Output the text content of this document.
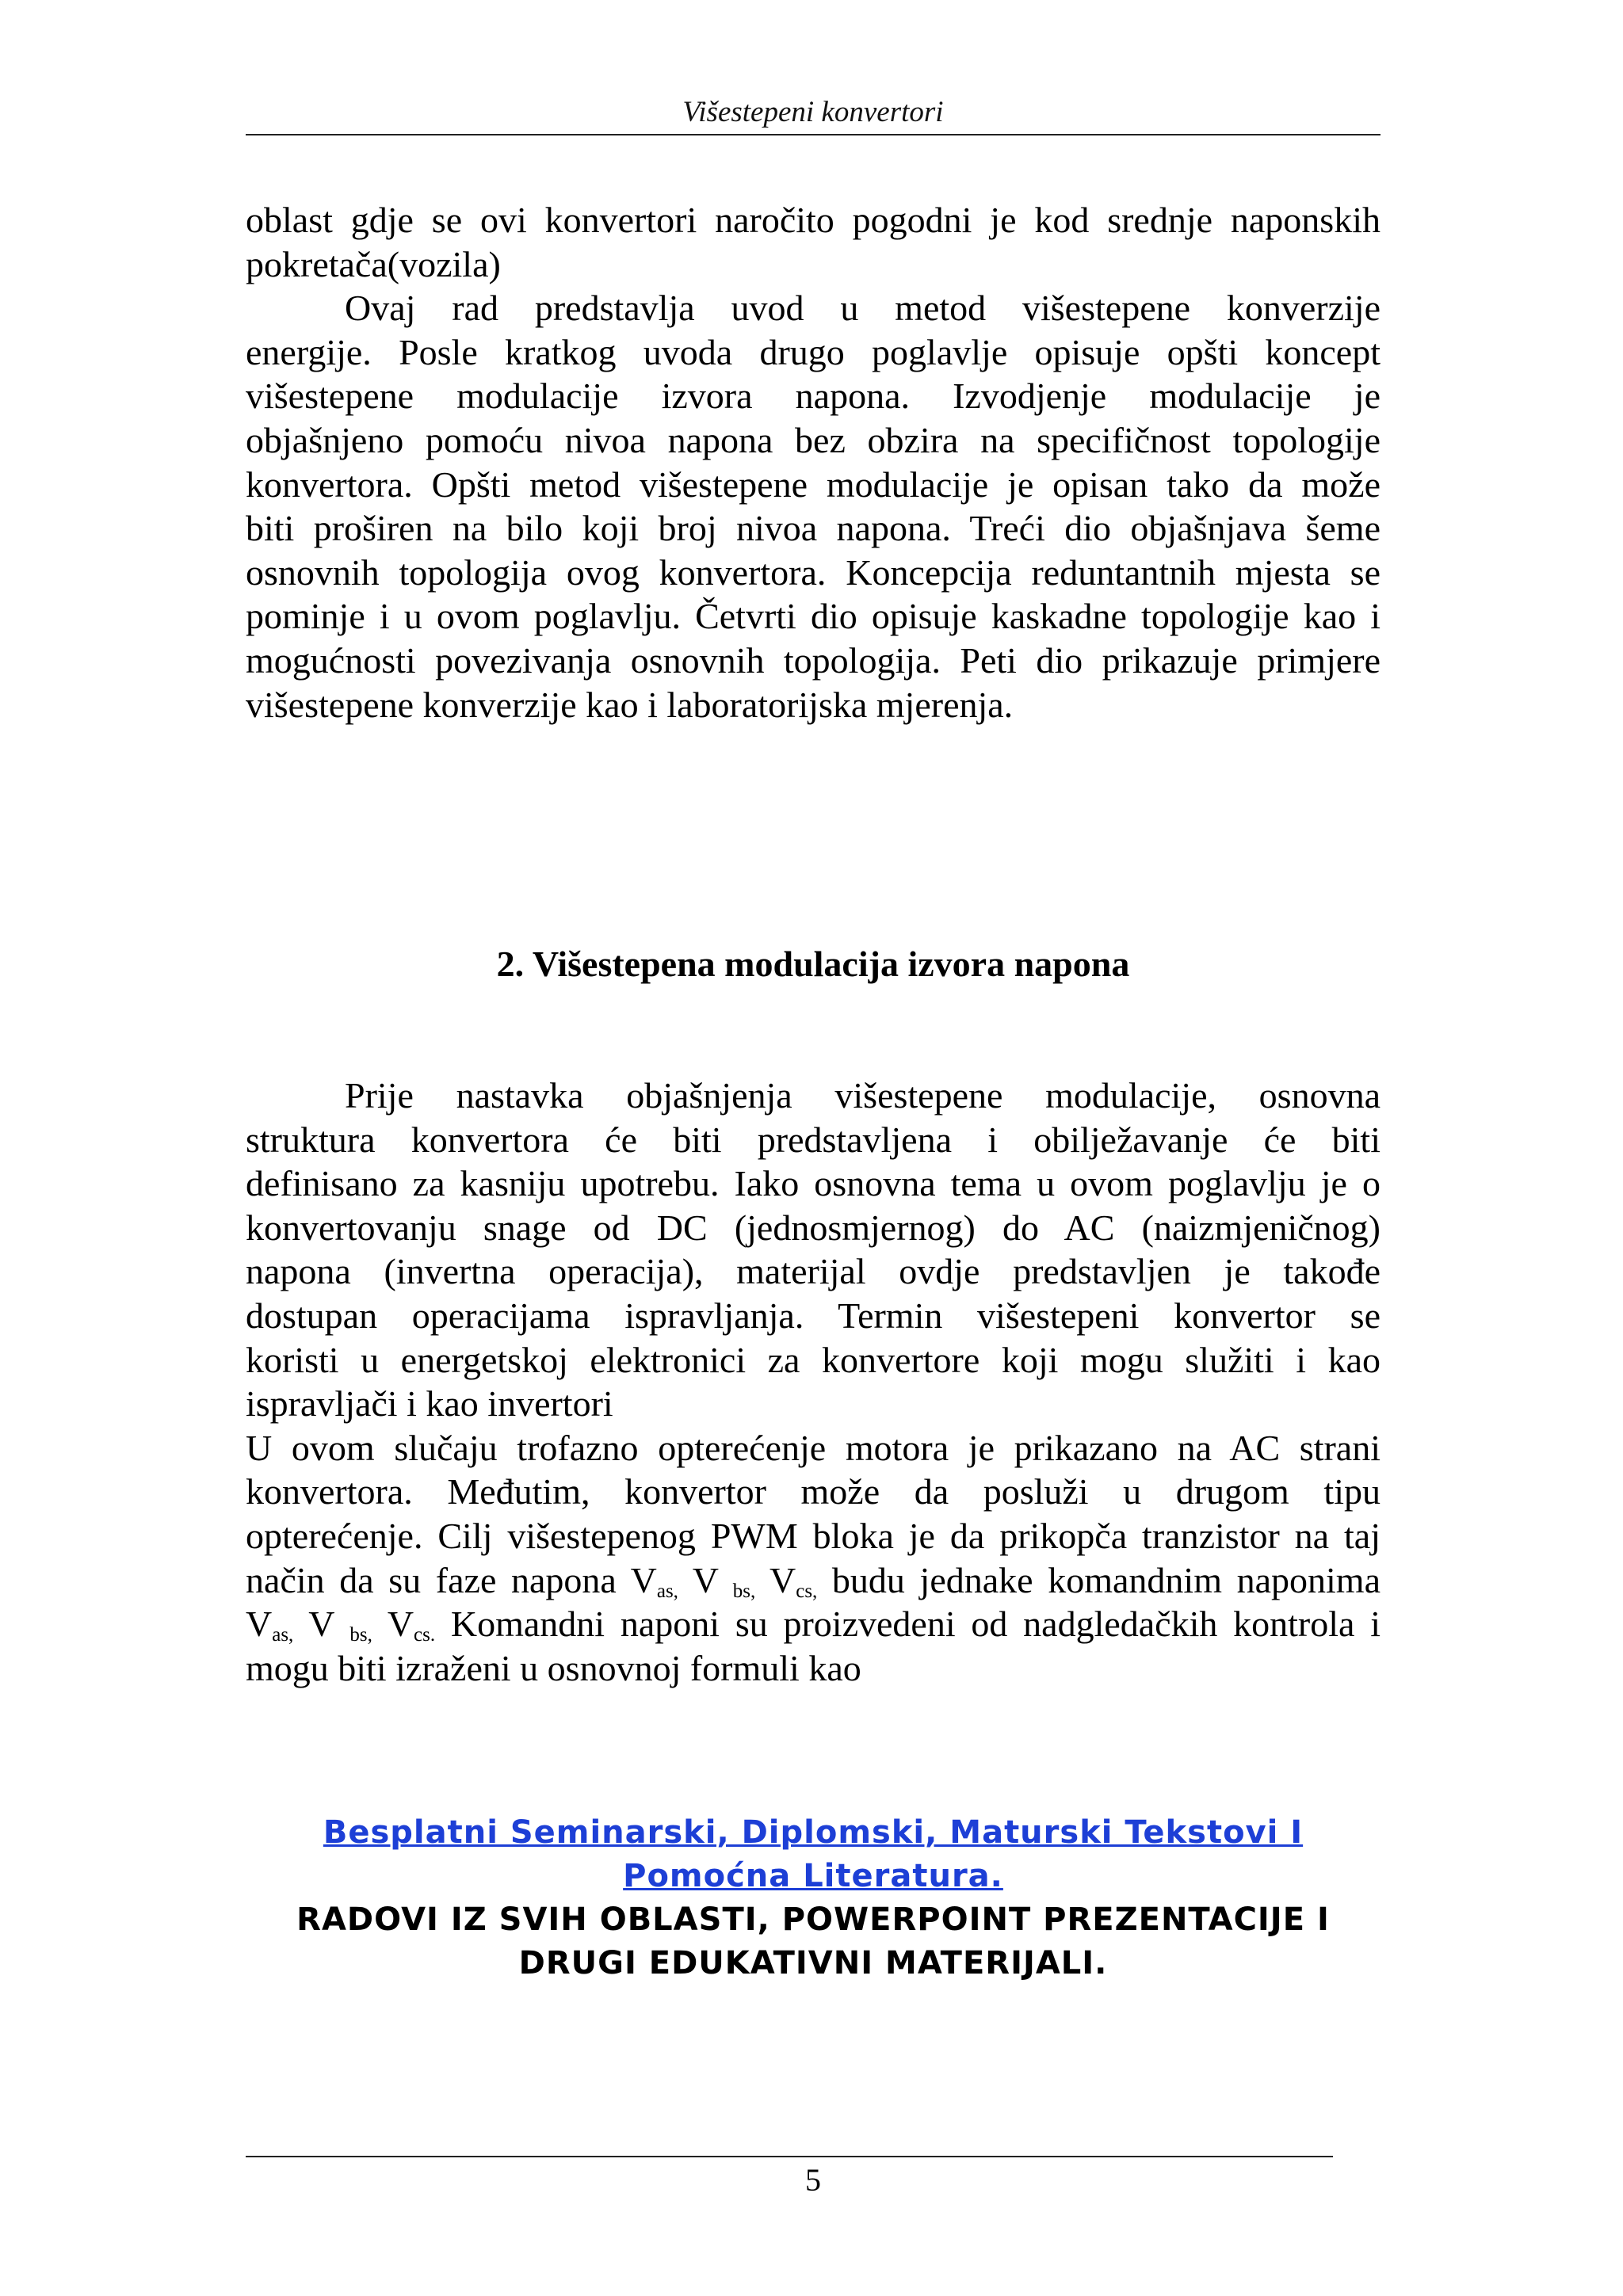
Višestepeni konvertori
oblast gdje se ovi konvertori naročito pogodni je kod srednje naponskih
pokretača(vozila)
Ovaj rad predstavlja uvod u metod višestepene konverzije
energije. Posle kratkog uvoda drugo poglavlje opisuje opšti koncept
višestepene modulacije izvora napona. Izvodjenje modulacije je
objašnjeno pomoću nivoa napona bez obzira na specifičnost topologije
konvertora. Opšti metod višestepene modulacije je opisan tako da može
biti proširen na bilo koji broj nivoa napona. Treći dio objašnjava šeme
osnovnih topologija ovog konvertora. Koncepcija reduntantnih mjesta se
pominje i u ovom poglavlju. Četvrti dio opisuje kaskadne topologije kao i
mogućnosti povezivanja osnovnih topologija. Peti dio prikazuje primjere
višestepene konverzije kao i laboratorijska mjerenja.
2. Višestepena modulacija izvora napona
Prije nastavka objašnjenja višestepene modulacije, osnovna
struktura konvertora će biti predstavljena i obilježavanje će biti
definisano za kasniju upotrebu. Iako osnovna tema u ovom poglavlju je o
konvertovanju snage od DC (jednosmjernog) do AC (naizmjeničnog)
napona (invertna operacija), materijal ovdje predstavljen je takođe
dostupan operacijama ispravljanja. Termin višestepeni konvertor se
koristi u energetskoj elektronici za konvertore koji mogu služiti i kao
ispravljači i kao invertori
U ovom slučaju trofazno opterećenje motora je prikazano na AC strani
konvertora. Međutim, konvertor može da posluži u drugom tipu
opterećenje. Cilj višestepenog PWM bloka je da prikopča tranzistor na taj
način da su faze napona $V_{as,}$ V $_{bs,}$ $V_{cs,}$ budu jednake komandnim naponima
$V_{as,}$ V $_{bs,}$ $V_{cs.}$ Komandni naponi su proizvedeni od nadgledačkih kontrola i
mogu biti izraženi u osnovnoj formuli kao
Besplatni Seminarski, Diplomski, Maturski Tekstovi I
Pomoćna Literatura.
RADOVI IZ SVIH OBLASTI, POWERPOINT PREZENTACIJE I
DRUGI EDUKATIVNI MATERIJALI.
5
